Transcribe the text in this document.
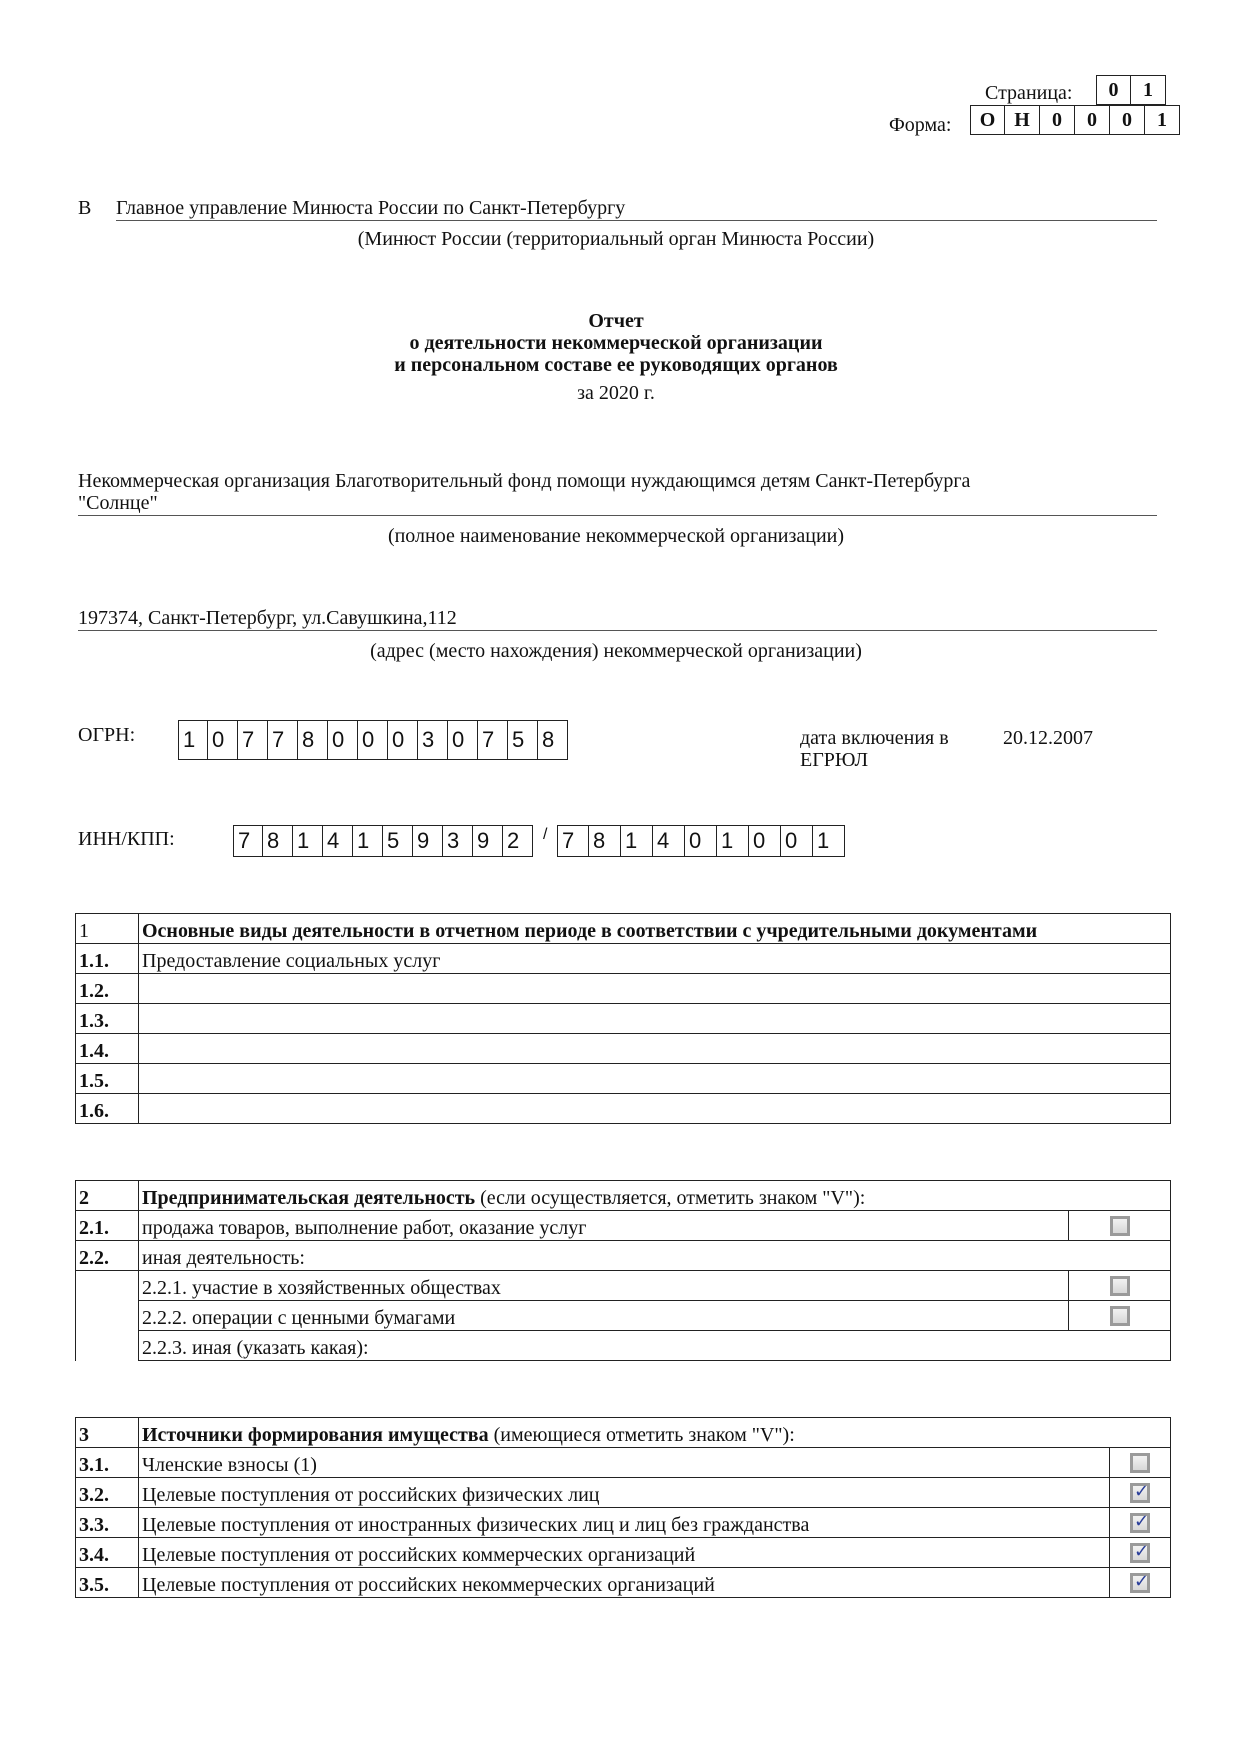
Страница:	0	1
Форма:	О Н	0	0	0	1
В Главное управление Минюста России по Санкт-Петербургу
(Минюст России (территориальный орган Минюста России)
Отчет
о деятельности некоммерческой организации
и персональном составе ее руководящих органов
за 2020 г.
Некоммерческая организация Благотворительный фонд помощи нуждающимся детям Санкт-Петербурга
"Солнце"
(полное наименование некоммерческой организации)
197374, Санкт-Петербург, ул.Савушкина,112
(адрес (место нахождения) некоммерческой организации)
ОГРН: 1 0 7 7 8 0 0 0 3 0 7 5 8	дата включения в
ЕГРЮЛ
20.12.2007
ИНН/КПП:	7 8 1 4 1 5 9 3 9 2	/ 7 8 1 4 0 1 0 0 1
1	Основные виды деятельности в отчетном периоде в соответствии с учредительными документами
1.1.	Предоставление социальных услуг
1.2.	
1.3.	
1.4.	
1.5.	
1.6.	
2	Предпринимательская деятельность (если осуществляется, отметить знаком "V"):	
2.1.	продажа товаров, выполнение работ, оказание услуг	
2.2.	иная деятельность:	
	2.2.1. участие в хозяйственных обществах	
	2.2.2. операции с ценными бумагами	
	2.2.3. иная (указать какая):	
3	Источники формирования имущества (имеющиеся отметить знаком "V"):	
3.1.	Членские взносы (1)	
3.2.	Целевые поступления от российских физических лиц	✓
3.3.	Целевые поступления от иностранных физических лиц и лиц без гражданства	✓
3.4.	Целевые поступления от российских коммерческих организаций	✓
3.5.	Целевые поступления от российских некоммерческих организаций	✓
